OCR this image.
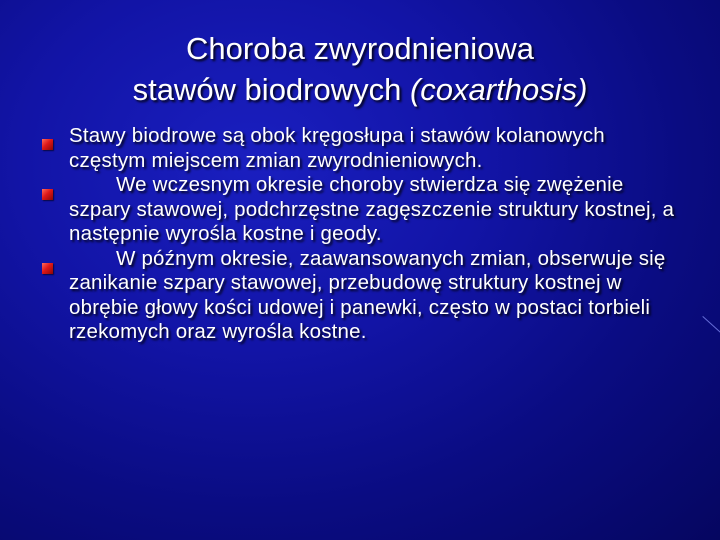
Choroba zwyrodnieniowa
stawów biodrowych (coxarthosis)
Stawy biodrowe są obok kręgosłupa i stawów kolanowych częstym miejscem zmian zwyrodnieniowych.
We wczesnym okresie choroby stwierdza się zwężenie szpary stawowej, podchrzęstne zagęszczenie struktury kostnej, a następnie wyrośla kostne i geody.
W późnym okresie, zaawansowanych zmian, obserwuje się zanikanie szpary stawowej, przebudowę struktury kostnej w obrębie głowy kości udowej i panewki, często w postaci torbieli rzekomych oraz wyrośla kostne.
